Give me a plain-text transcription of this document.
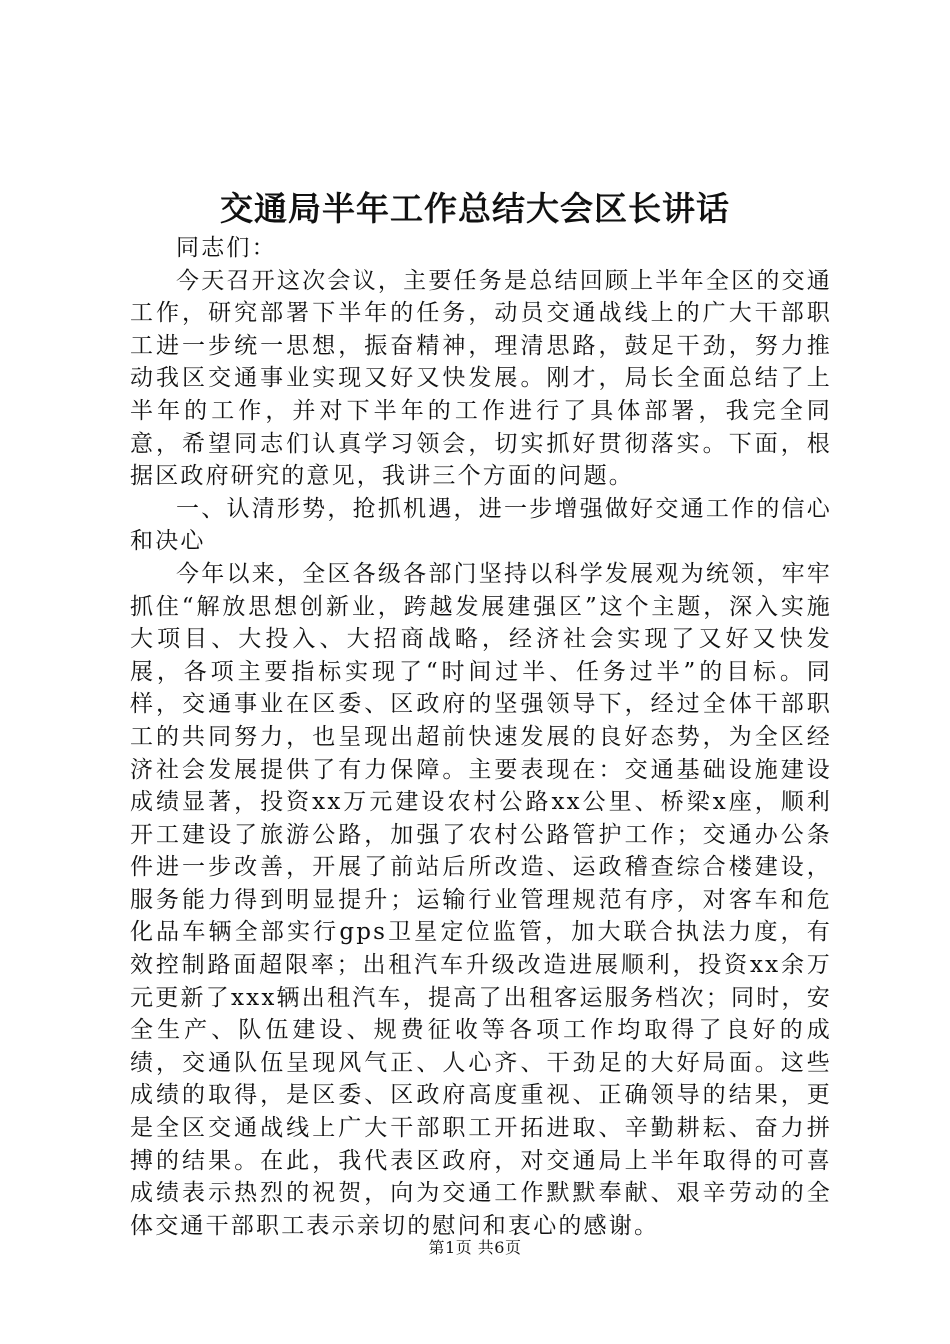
交通局半年工作总结大会区长讲话

同志们：

今天召开这次会议，主要任务是总结回顾上半年全区的交通工作，研究部署下半年的任务，动员交通战线上的广大干部职工进一步统一思想，振奋精神，理清思路，鼓足干劲，努力推动我区交通事业实现又好又快发展。刚才，局长全面总结了上半年的工作，并对下半年的工作进行了具体部署，我完全同意，希望同志们认真学习领会，切实抓好贯彻落实。下面，根据区政府研究的意见，我讲三个方面的问题。

一、认清形势，抢抓机遇，进一步增强做好交通工作的信心和决心

今年以来，全区各级各部门坚持以科学发展观为统领，牢牢抓住“解放思想创新业，跨越发展建强区”这个主题，深入实施大项目、大投入、大招商战略，经济社会实现了又好又快发展，各项主要指标实现了“时间过半、任务过半”的目标。同样，交通事业在区委、区政府的坚强领导下，经过全体干部职工的共同努力，也呈现出超前快速发展的良好态势，为全区经济社会发展提供了有力保障。主要表现在：交通基础设施建设成绩显著，投资xx万元建设农村公路xx公里、桥梁x座，顺利开工建设了旅游公路，加强了农村公路管护工作；交通办公条件进一步改善，开展了前站后所改造、运政稽查综合楼建设，服务能力得到明显提升；运输行业管理规范有序，对客车和危化品车辆全部实行gps卫星定位监管，加大联合执法力度，有效控制路面超限率；出租汽车升级改造进展顺利，投资xx余万元更新了xxx辆出租汽车，提高了出租客运服务档次；同时，安全生产、队伍建设、规费征收等各项工作均取得了良好的成绩，交通队伍呈现风气正、人心齐、干劲足的大好局面。这些成绩的取得，是区委、区政府高度重视、正确领导的结果，更是全区交通战线上广大干部职工开拓进取、辛勤耕耘、奋力拼搏的结果。在此，我代表区政府，对交通局上半年取得的可喜成绩表示热烈的祝贺，向为交通工作默默奉献、艰辛劳动的全体交通干部职工表示亲切的慰问和衷心的感谢。

第1页 共6页
